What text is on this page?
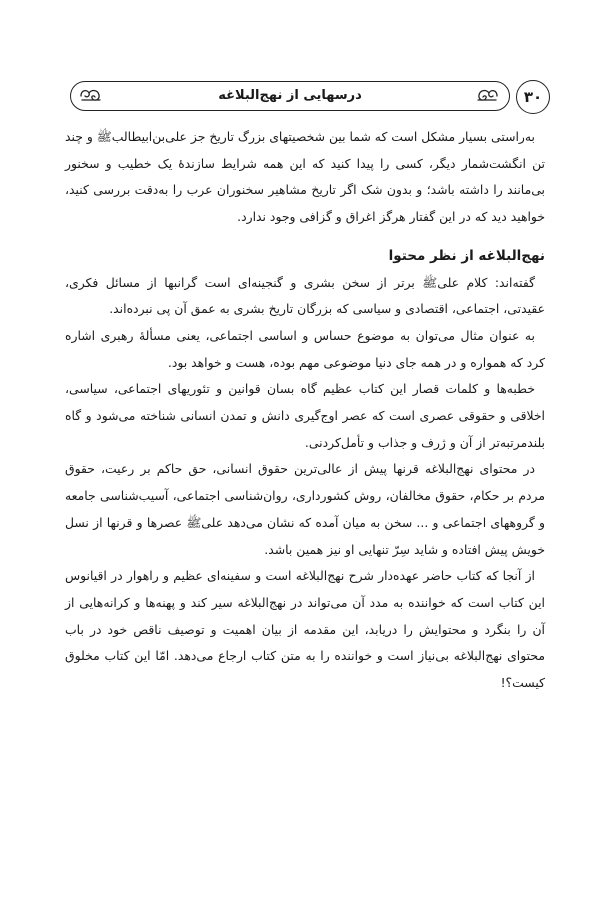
درسهایی از نهج‌البلاغه	۳۰

به‌راستی بسیار مشکل است که شما بین شخصیتهای بزرگ تاریخ جز علی‌بن‌ابیطالب‌ﷺ و چند تن انگشت‌شمار دیگر، کسی را پیدا کنید که این همه شرایط سازندهٔ یک خطیب و سخنور بی‌مانند را داشته باشد؛ و بدون شک اگر تاریخ مشاهیر سخنوران عرب را به‌دقت بررسی کنید، خواهید دید که در این گفتار هرگز اغراق و گزافی وجود ندارد.

نهج‌البلاغه از نظر محتوا

گفته‌اند: کلام علی‌ﷺ برتر از سخن بشری و گنجینه‌ای است گرانبها از مسائل فکری، عقیدتی، اجتماعی، اقتصادی و سیاسی که بزرگان تاریخ بشری به عمق آن پی نبرده‌اند.

به عنوان مثال می‌توان به موضوع حساس و اساسی اجتماعی، یعنی مسألهٔ رهبری اشاره کرد که همواره و در همه جای دنیا موضوعی مهم بوده، هست و خواهد بود.

خطبه‌ها و کلمات قصار این کتاب عظیم گاه بسان قوانین و تئوریهای اجتماعی، سیاسی، اخلاقی و حقوقی عصری است که عصر اوج‌گیری دانش و تمدن انسانی شناخته می‌شود و گاه بلندمرتبه‌تر از آن و ژرف و جذاب و تأمل‌کردنی.

در محتوای نهج‌البلاغه قرنها پیش از عالی‌ترین حقوق انسانی، حق حاکم بر رعیت، حقوق مردم بر حکام، حقوق مخالفان، روش کشورداری، روان‌شناسی اجتماعی، آسیب‌شناسی جامعه و گروههای اجتماعی و ... سخن به میان آمده که نشان می‌دهد علی‌ﷺ عصرها و قرنها از نسل خویش پیش افتاده و شاید سِرّ تنهایی او نیز همین باشد.

از آنجا که کتاب حاضر عهده‌دار شرح نهج‌البلاغه است و سفینه‌ای عظیم و راهوار در اقیانوس این کتاب است که خواننده به مدد آن می‌تواند در نهج‌البلاغه سیر کند و پهنه‌ها و کرانه‌هایی از آن را بنگرد و محتوایش را دریابد، این مقدمه از بیان اهمیت و توصیف ناقص خود در باب محتوای نهج‌البلاغه بی‌نیاز است و خواننده را به متن کتاب ارجاع می‌دهد. امّا این کتاب مخلوق کیست؟!
